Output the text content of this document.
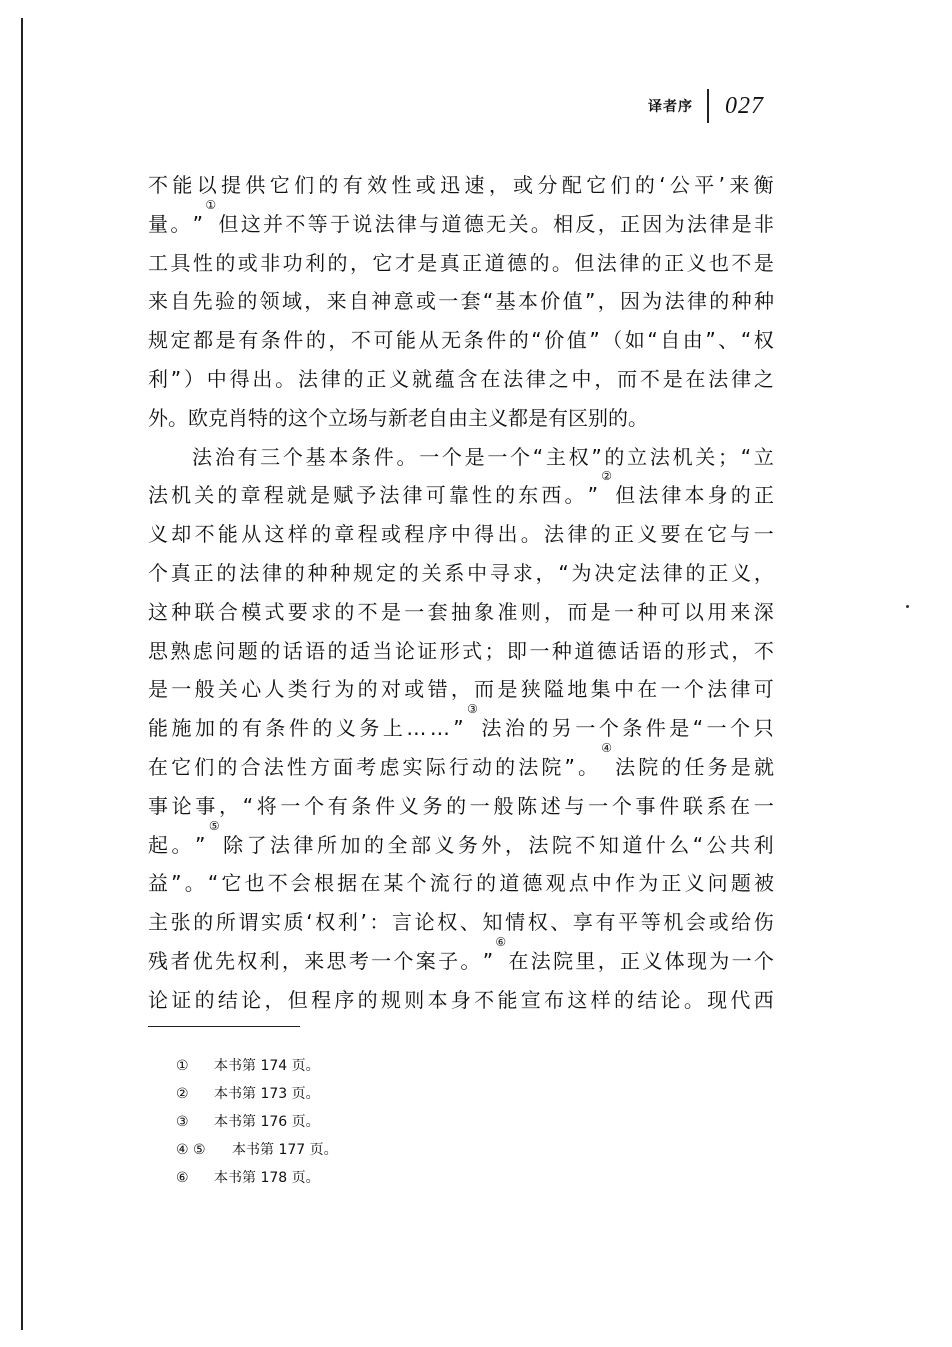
译者序 027
不 能 以 提 供 它 们 的 有 效 性 或 迅 速 ， 或 分 配 它 们 的 ‘ 公 平 ’ 来 衡
量 。 ”
①
但 这 并 不 等 于 说 法 律 与 道 德 无 关 。 相 反 ， 正 因 为 法 律 是 非
工 具 性 的 或 非 功 利 的 ， 它 才 是 真 正 道 德 的 。 但 法 律 的 正 义 也 不 是
来 自 先 验 的 领 域 ， 来 自 神 意 或 一 套 “ 基 本 价 值 ” ， 因 为 法 律 的 种 种
规 定 都 是 有 条 件 的 ， 不 可 能 从 无 条 件 的 “ 价 值 ” （ 如 “ 自 由 ” 、 “ 权
利 ” ） 中 得 出 。 法 律 的 正 义 就 蕴 含 在 法 律 之 中 ， 而 不 是 在 法 律 之
外 。 欧 克 肖 特 的 这 个 立 场 与 新 老 自 由 主 义 都 是 有 区 别 的 。
法 治 有 三 个 基 本 条 件 。 一 个 是 一 个 “ 主 权 ” 的 立 法 机 关 ； “ 立
法 机 关 的 章 程 就 是 赋 予 法 律 可 靠 性 的 东 西 。 ”
②
但 法 律 本 身 的 正
义 却 不 能 从 这 样 的 章 程 或 程 序 中 得 出 。 法 律 的 正 义 要 在 它 与 一
个 真 正 的 法 律 的 种 种 规 定 的 关 系 中 寻 求 ， “ 为 决 定 法 律 的 正 义 ，
这 种 联 合 模 式 要 求 的 不 是 一 套 抽 象 准 则 ， 而 是 一 种 可 以 用 来 深
思 熟 虑 问 题 的 话 语 的 适 当 论 证 形 式 ； 即 一 种 道 德 话 语 的 形 式 ， 不
是 一 般 关 心 人 类 行 为 的 对 或 错 ， 而 是 狭 隘 地 集 中 在 一 个 法 律 可
能 施 加 的 有 条 件 的 义 务 上 … … ”
③
法 治 的 另 一 个 条 件 是 “ 一 个 只
在 它 们 的 合 法 性 方 面 考 虑 实 际 行 动 的 法 院 ” 。
④
法 院 的 任 务 是 就
事 论 事 ， “ 将 一 个 有 条 件 义 务 的 一 般 陈 述 与 一 个 事 件 联 系 在 一
起 。 ”
⑤
除 了 法 律 所 加 的 全 部 义 务 外 ， 法 院 不 知 道 什 么 “ 公 共 利
益 ” 。 “ 它 也 不 会 根 据 在 某 个 流 行 的 道 德 观 点 中 作 为 正 义 问 题 被
主 张 的 所 谓 实 质 ‘ 权 利 ’ ： 言 论 权 、 知 情 权 、 享 有 平 等 机 会 或 给 伤
残 者 优 先 权 利 ， 来 思 考 一 个 案 子 。 ”
⑥
在 法 院 里 ， 正 义 体 现 为 一 个
论 证 的 结 论 ， 但 程 序 的 规 则 本 身 不 能 宣 布 这 样 的 结 论 。 现 代 西
①	本书第 174 页。
②	本书第 173 页。
③	本书第 176 页。
④ ⑤	本书第 177 页。
⑥	本书第 178 页。
